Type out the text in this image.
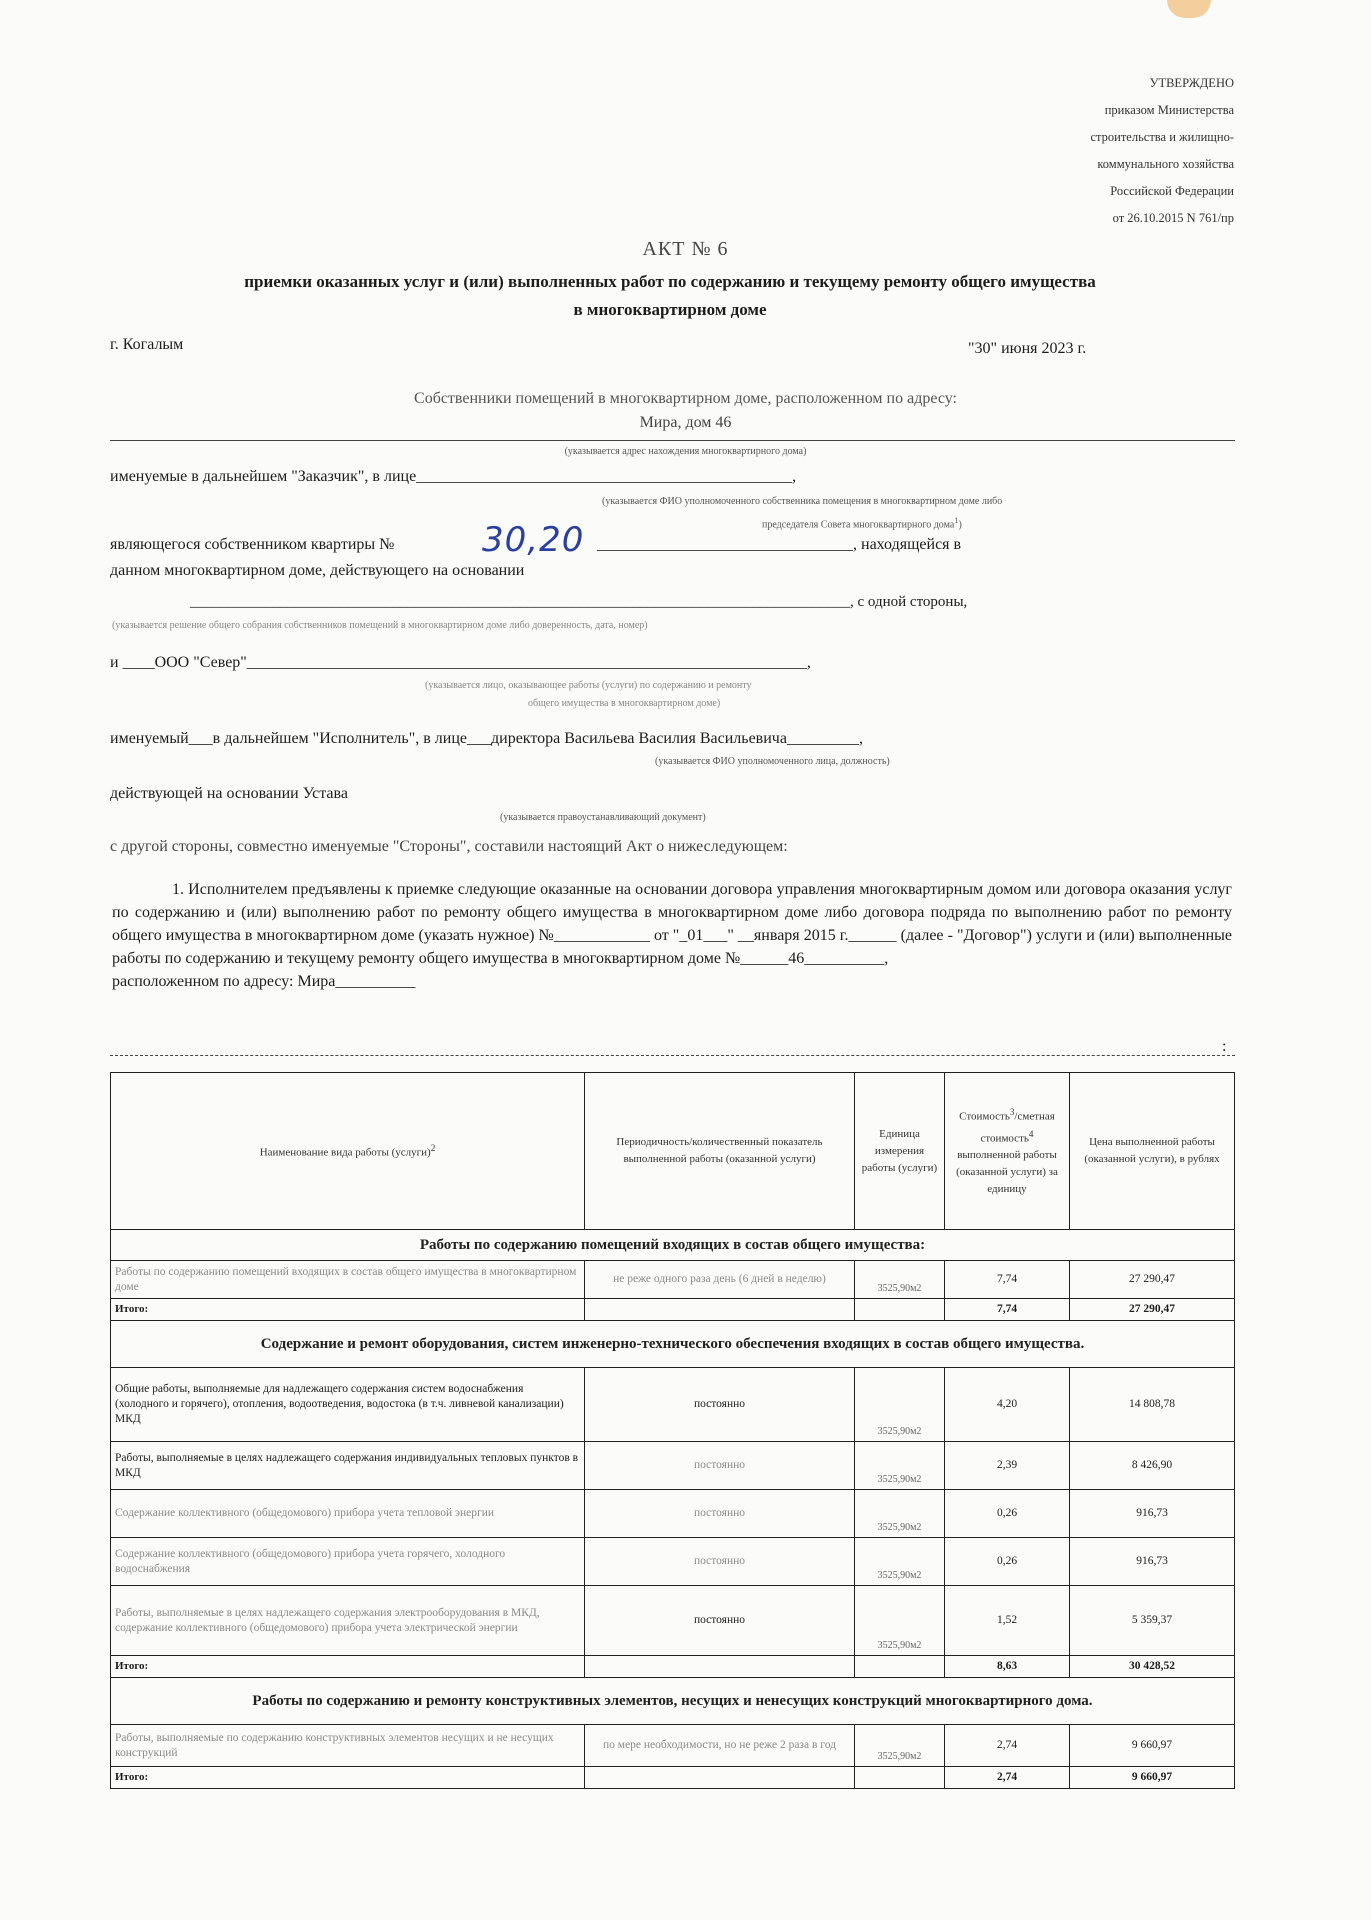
УТВЕРЖДЕНО
приказом Министерства
строительства и жилищно-
коммунального хозяйства
Российской Федерации
от 26.10.2015 N 761/пр
АКТ № 6
приемки оказанных услуг и (или) выполненных работ по содержанию и текущему ремонту общего имущества
в многоквартирном доме
г. Когалым	"30" июня 2023 г.
Собственники помещений в многоквартирном доме, расположенном по адресу:
Мира, дом 46
(указывается адрес нахождения многоквартирного дома)
именуемые в дальнейшем "Заказчик", в лице_______________________________________________,
(указывается ФИО уполномоченного собственника помещения в многоквартирном доме либо
председателя Совета многоквартирного дома$^1$)
являющегося собственником квартиры №	30,20 ________________________________, находящейся в
данном многоквартирном доме, действующего на основании
________________________________________________________________________________________, с одной стороны,
(указывается решение общего собрания собственников помещений в многоквартирном доме либо доверенность, дата, номер)
и ____ООО "Север"______________________________________________________________________,
(указывается лицо, оказывающее работы (услуги) по содержанию и ремонту
общего имущества в многоквартирном доме)
именуемый___в дальнейшем "Исполнитель", в лице___директора Васильева Василия Васильевича_________,
(указывается ФИО уполномоченного лица, должность)
действующей на основании Устава
(указывается правоустанавливающий документ)
с другой стороны, совместно именуемые "Стороны", составили настоящий Акт о нижеследующем:

1. Исполнителем предъявлены к приемке следующие оказанные на основании договора управления многоквартирным домом или договора оказания услуг по содержанию и (или) выполнению работ по ремонту общего имущества в многоквартирном доме либо договора подряда по выполнению работ по ремонту общего имущества в многоквартирном доме (указать нужное) №____________ от "_01___" __января 2015 г.______ (далее - "Договор") услуги и (или) выполненные работы по содержанию и текущему ремонту общего имущества в многоквартирном доме №______46__________,

расположенном по адресу: Мира__________

:
Наименование вида работы (услуги)$^2$	Периодичность/количественный показатель выполненной работы (оказанной услуги)	Единица измерения работы (услуги)	Стоимость$^3$/сметная стоимость$^4$ выполненной работы (оказанной услуги) за единицу	Цена выполненной работы (оказанной услуги), в рублях
Работы по содержанию помещений входящих в состав общего имущества:				
Работы по содержанию помещений входящих в состав общего имущества в многоквартирном доме	не реже одного раза день (6 дней в неделю)	3525,90м2	7,74	27 290,47
Итого:			7,74	27 290,47
Содержание и ремонт оборудования, систем инженерно-технического обеспечения входящих в состав общего имущества.				
Общие работы, выполняемые для надлежащего содержания систем водоснабжения (холодного и горячего), отопления, водоотведения, водостока (в т.ч. ливневой канализации) МКД	постоянно	3525,90м2	4,20	14 808,78
Работы, выполняемые в целях надлежащего содержания индивидуальных тепловых пунктов в МКД	постоянно	3525,90м2	2,39	8 426,90
Содержание коллективного (общедомового) прибора учета тепловой энергии	постоянно	3525,90м2	0,26	916,73
Содержание коллективного (общедомового) прибора учета горячего, холодного водоснабжения	постоянно	3525,90м2	0,26	916,73
Работы, выполняемые в целях надлежащего содержания электрооборудования в МКД, содержание коллективного (общедомового) прибора учета электрической энергии	постоянно	3525,90м2	1,52	5 359,37
Итого:			8,63	30 428,52
Работы по содержанию и ремонту конструктивных элементов, несущих и ненесущих конструкций многоквартирного дома.				
Работы, выполняемые по содержанию конструктивных элементов несущих и не несущих конструкций	по мере необходимости, но не реже 2 раза в год	3525,90м2	2,74	9 660,97
Итого:			2,74	9 660,97
